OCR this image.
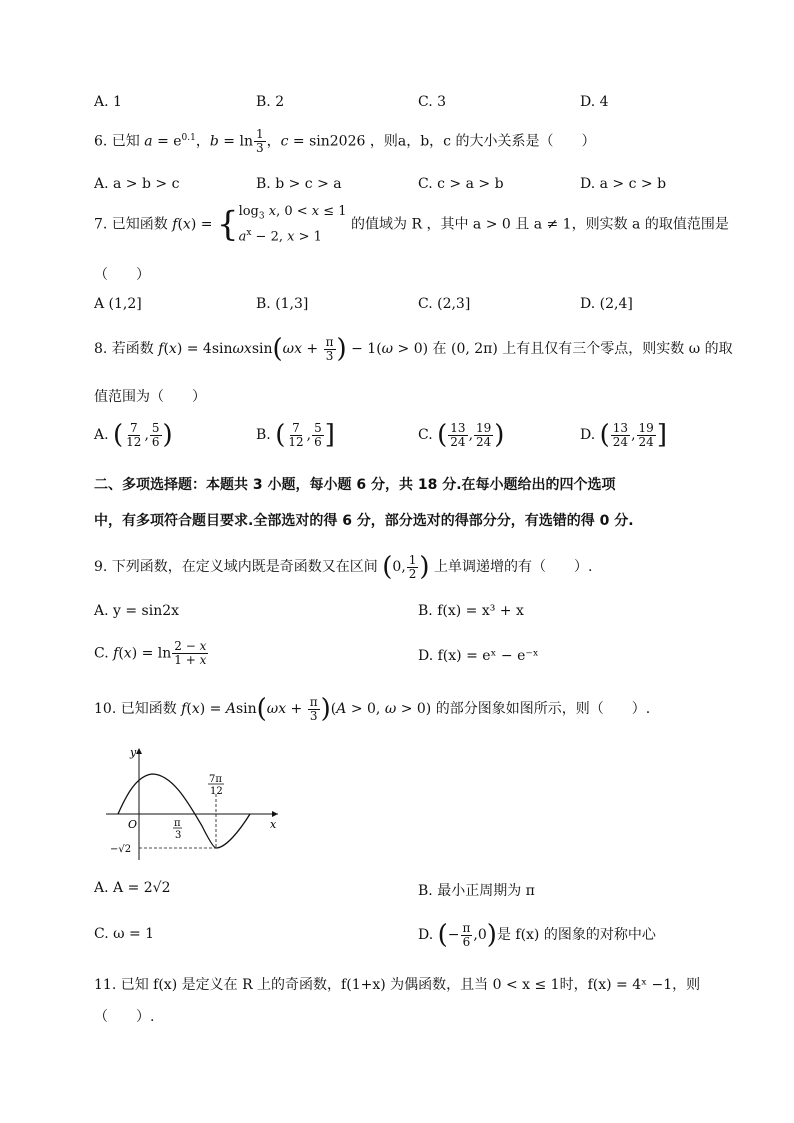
A. 1	B. 2	C. 3	D. 4
6. 已知 $a = e^{0.1}$，$b = \ln \frac{1}{3}$ ，c = sin2026 ，则a，b，c 的大小关系是（　　）
A. a > b > c	B. b > c > a	C. c > a > b	D. a > c > b
7. 已知函数 f(x) = { $\log_3 x$, 0 < x ≤ 1
$a^x - 2$, x > 1
的值域为 R ，其中 a > 0 且 a ≠ 1，则实数 a 的取值范围是
（　　）
A (1,2]	B. (1,3]	C. (2,3]	D. (2,4]
8. 若函数 $f(x) = 4\sin\omega xsin(\omega x + \frac{\pi}{3}$ ) − 1(ω > 0) 在 (0, 2π) 上有且仅有三个零点，则实数 ω 的取
值范围为（　　）
A. ( $\frac{7}{12}$ , $\frac{5}{6}$ )	B. ( $\frac{7}{12}$ , $\frac{5}{6}$ ]	C. ( $\frac{13}{24}$ , $\frac{19}{24}$ )	D. ( $\frac{13}{24}$ , $\frac{19}{24}$ ]
二、多项选择题：本题共 3 小题，每小题 6 分，共 18 分.在每小题给出的四个选项
中，有多项符合题目要求.全部选对的得 6 分，部分选对的得部分分，有选错的得 0 分.
9. 下列函数，在定义域内既是奇函数又在区间 (0, $\frac{1}{2}$ ) 上单调递增的有（　　）.
A. y = sin2x	B. f(x) = x³ + x
C. $f(x) = \ln \frac{2 - x}{1 + x}$	D. f(x) = eˣ − e⁻ˣ
10. 已知函数 $f(x) = Asin(\omega x + \frac{\pi}{3} )(A > 0$, ω > 0) 的部分图象如图所示，则（　　）.
y
x
O	π
3
7π
12
−√2
A. A = 2√2	B. 最小正周期为 π
C. ω = 1	D. (− $\frac{\pi}{6} ,0$)是 f(x) 的图象的对称中心
11. 已知 f(x) 是定义在 R 上的奇函数，f(1+x) 为偶函数，且当 0 < x ≤ 1时，f(x) = 4ˣ −1，则
（　　）.
